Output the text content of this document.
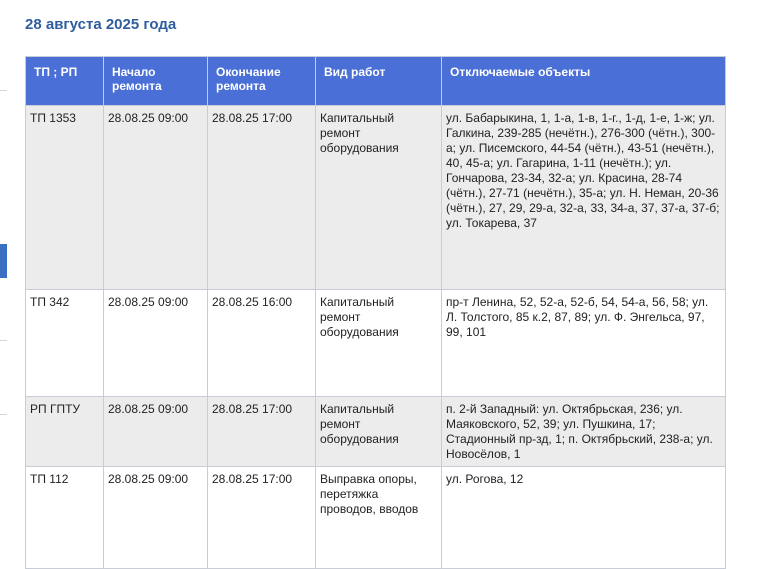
28 августа 2025 года
ТП ; РП	Начало ремонта	Окончание ремонта	Вид работ	Отключаемые объекты
ТП 1353	28.08.25 09:00	28.08.25 17:00	Капитальный ремонт оборудования	ул. Бабарыкина, 1, 1-а, 1-в, 1-г., 1-д, 1-е, 1-ж; ул. Галкина, 239-285 (нечётн.), 276-300 (чётн.), 300-а; ул. Писемского, 44-54 (чётн.), 43-51 (нечётн.), 40, 45-а; ул. Гагарина, 1-11 (нечётн.); ул. Гончарова, 23-34, 32-а; ул. Красина, 28-74 (чётн.), 27-71 (нечётн.), 35-а; ул. Н. Неман, 20-36 (чётн.), 27, 29, 29-а, 32-а, 33, 34-а, 37, 37-а, 37-б; ул. Токарева, 37
ТП 342	28.08.25 09:00	28.08.25 16:00	Капитальный ремонт оборудования	пр-т Ленина, 52, 52-а, 52-б, 54, 54-а, 56, 58; ул. Л. Толстого, 85 к.2, 87, 89; ул. Ф. Энгельса, 97, 99, 101
РП ГПТУ	28.08.25 09:00	28.08.25 17:00	Капитальный ремонт оборудования	п. 2-й Западный: ул. Октябрьская, 236; ул. Маяковского, 52, 39; ул. Пушкина, 17; Стадионный пр-зд, 1; п. Октябрьский, 238-а; ул. Новосёлов, 1
ТП 112	28.08.25 09:00	28.08.25 17:00	Выправка опоры, перетяжка проводов, вводов	ул. Рогова, 12
